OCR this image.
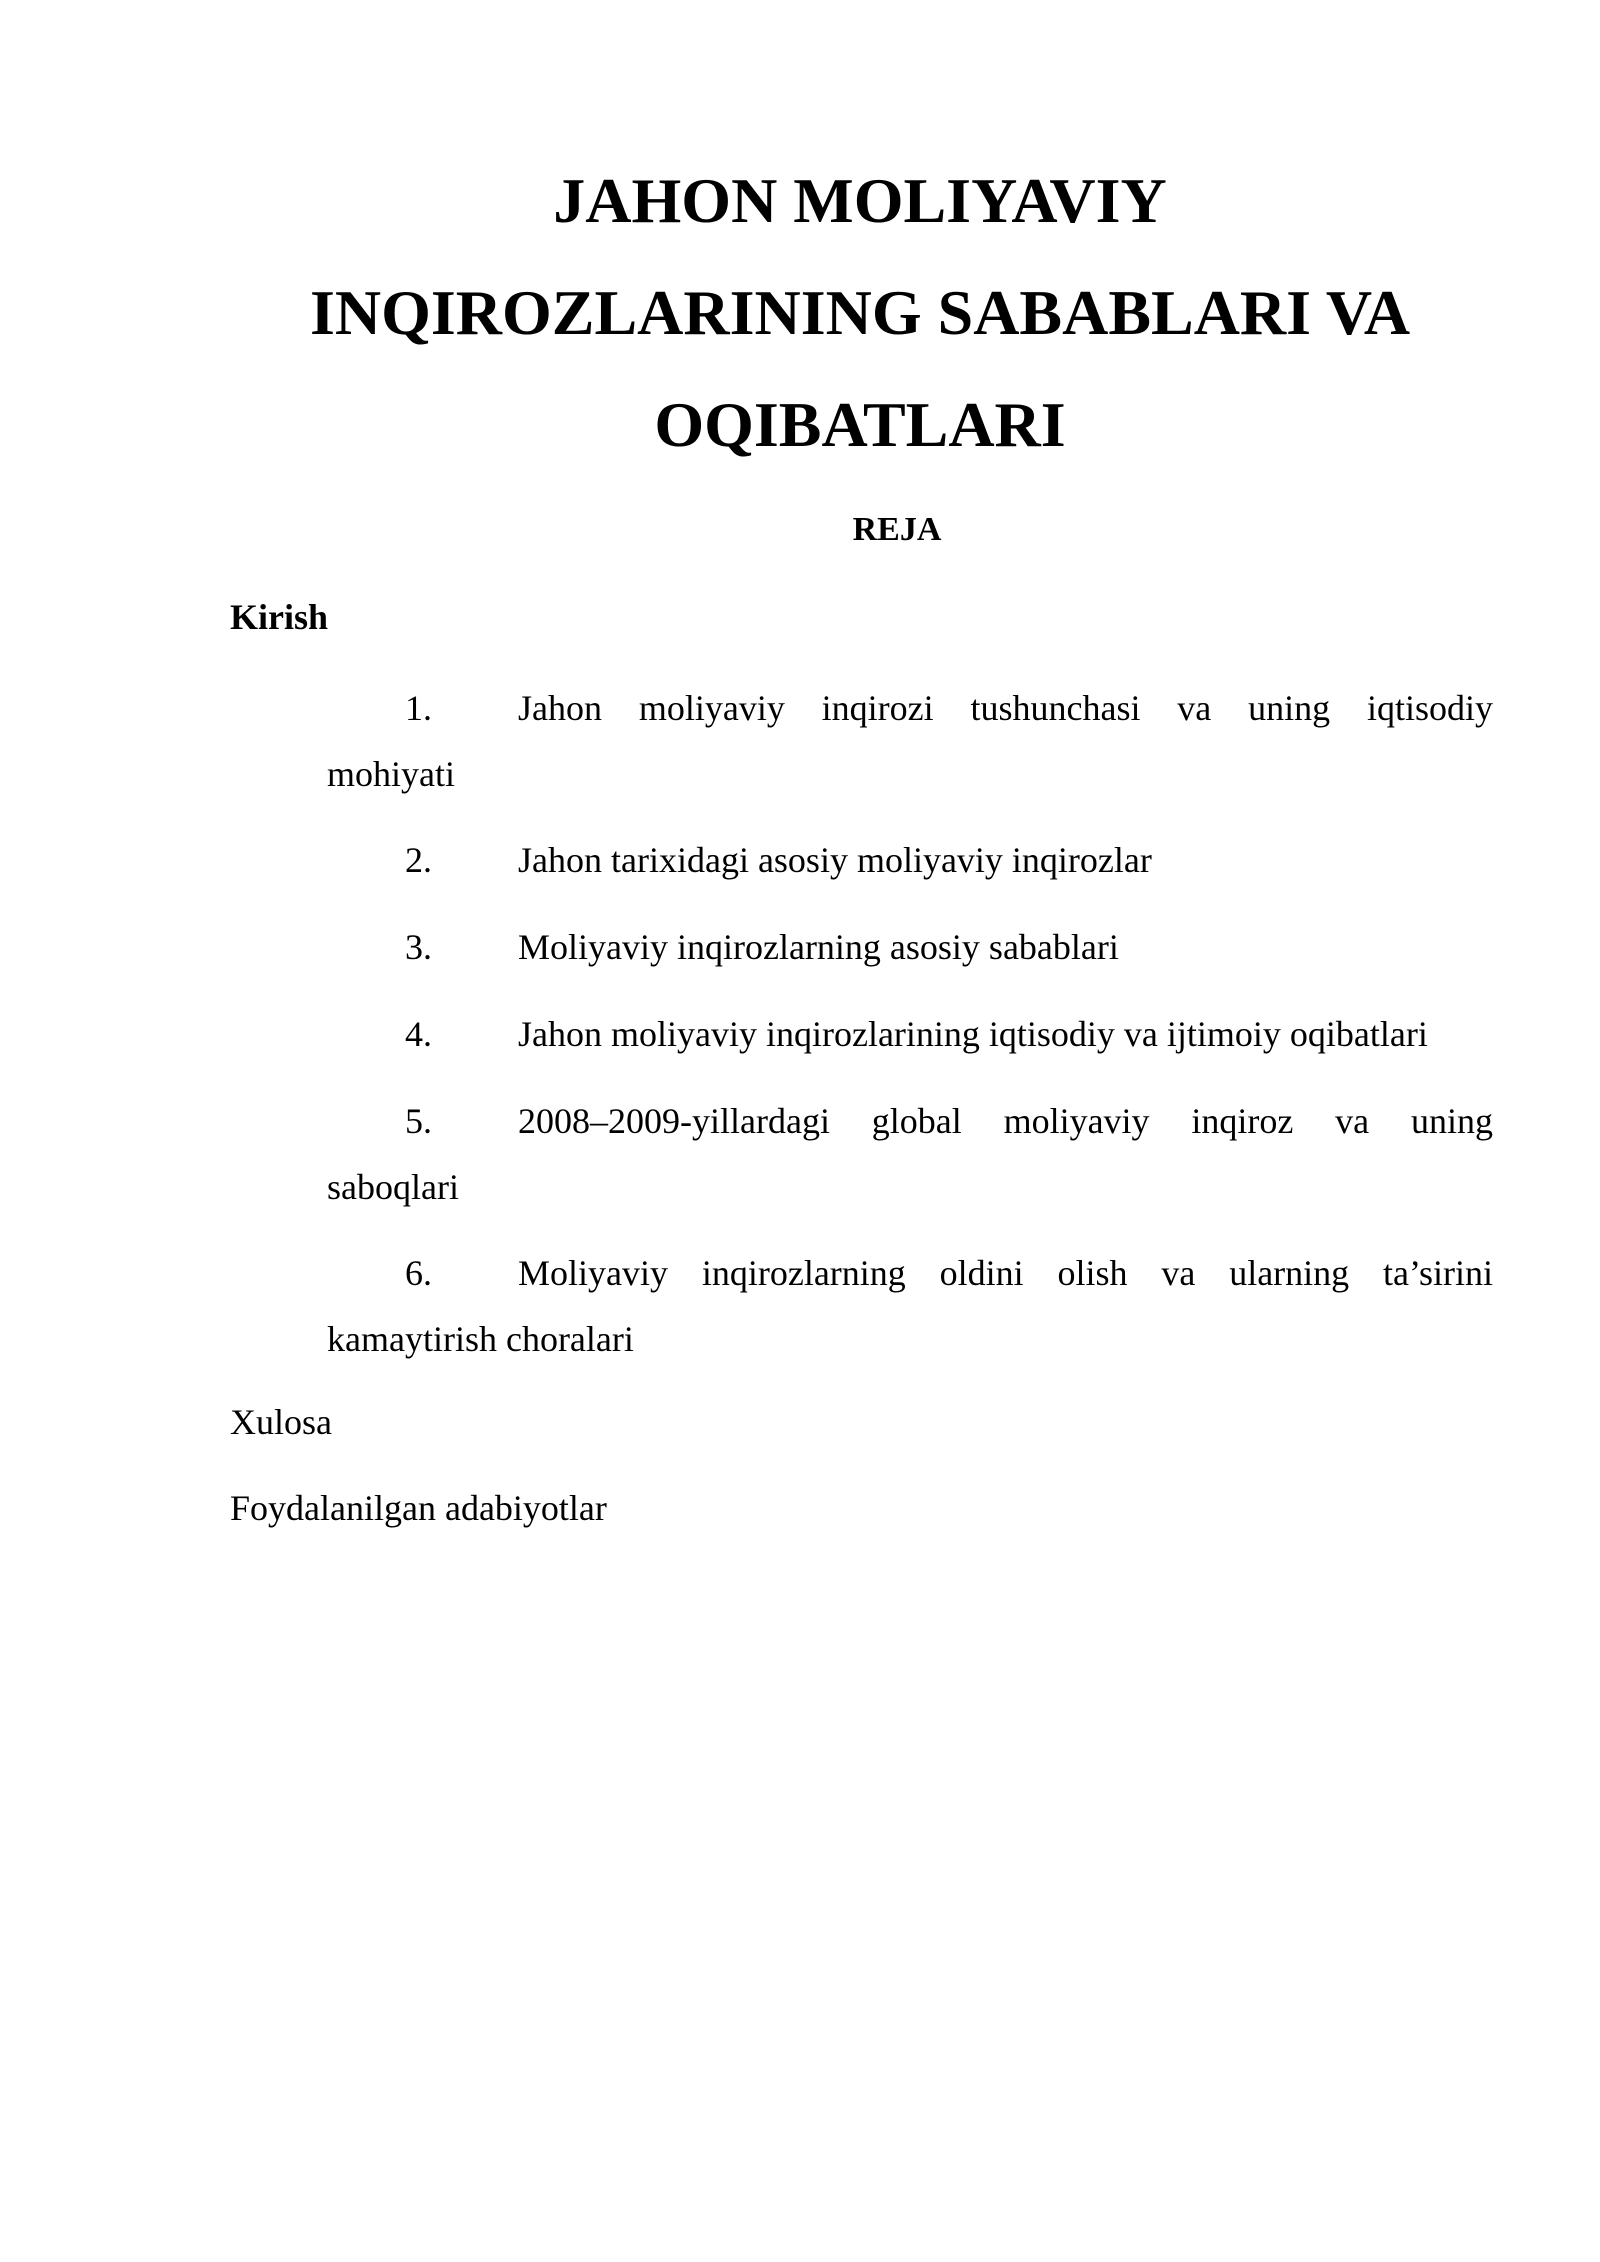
JAHON MOLIYAVIY
INQIROZLARINING SABABLARI VA
OQIBATLARI
REJA
Kirish
1. Jahon moliyaviy inqirozi tushunchasi va uning iqtisodiy
mohiyati
2. Jahon tarixidagi asosiy moliyaviy inqirozlar
3. Moliyaviy inqirozlarning asosiy sabablari
4. Jahon moliyaviy inqirozlarining iqtisodiy va ijtimoiy oqibatlari
5. 2008–2009-yillardagi global moliyaviy inqiroz va uning
saboqlari
6. Moliyaviy inqirozlarning oldini olish va ularning ta’sirini
kamaytirish choralari
Xulosa
Foydalanilgan adabiyotlar
